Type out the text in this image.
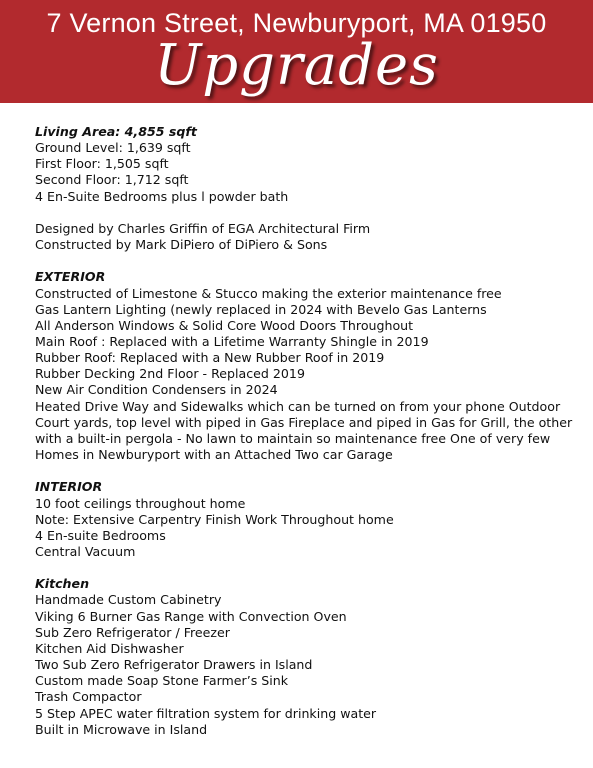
7 Vernon Street, Newburyport, MA 01950
Upgrades
Living Area: 4,855 sqft
Ground Level: 1,639 sqft
First Floor: 1,505 sqft
Second Floor: 1,712 sqft
4 En-Suite Bedrooms plus l powder bath
Designed by Charles Griffin of EGA Architectural Firm
Constructed by Mark DiPiero of DiPiero & Sons
EXTERIOR
Constructed of Limestone & Stucco making the exterior maintenance free
Gas Lantern Lighting (newly replaced in 2024 with Bevelo Gas Lanterns
All Anderson Windows & Solid Core Wood Doors Throughout
Main Roof : Replaced with a Lifetime Warranty Shingle in 2019
Rubber Roof: Replaced with a New Rubber Roof in 2019
Rubber Decking 2nd Floor - Replaced 2019
New Air Condition Condensers in 2024
Heated Drive Way and Sidewalks which can be turned on from your phone Outdoor Court yards, top level with piped in Gas Fireplace and piped in Gas for Grill, the other with a built-in pergola - No lawn to maintain so maintenance free One of very few Homes in Newburyport with an Attached Two car Garage
INTERIOR
10 foot ceilings throughout home
Note: Extensive Carpentry Finish Work Throughout home
4 En-suite Bedrooms
Central Vacuum
Kitchen
Handmade Custom Cabinetry
Viking 6 Burner Gas Range with Convection Oven
Sub Zero Refrigerator / Freezer
Kitchen Aid Dishwasher
Two Sub Zero Refrigerator Drawers in Island
Custom made Soap Stone Farmer’s Sink
Trash Compactor
5 Step APEC water filtration system for drinking water
Built in Microwave in Island
